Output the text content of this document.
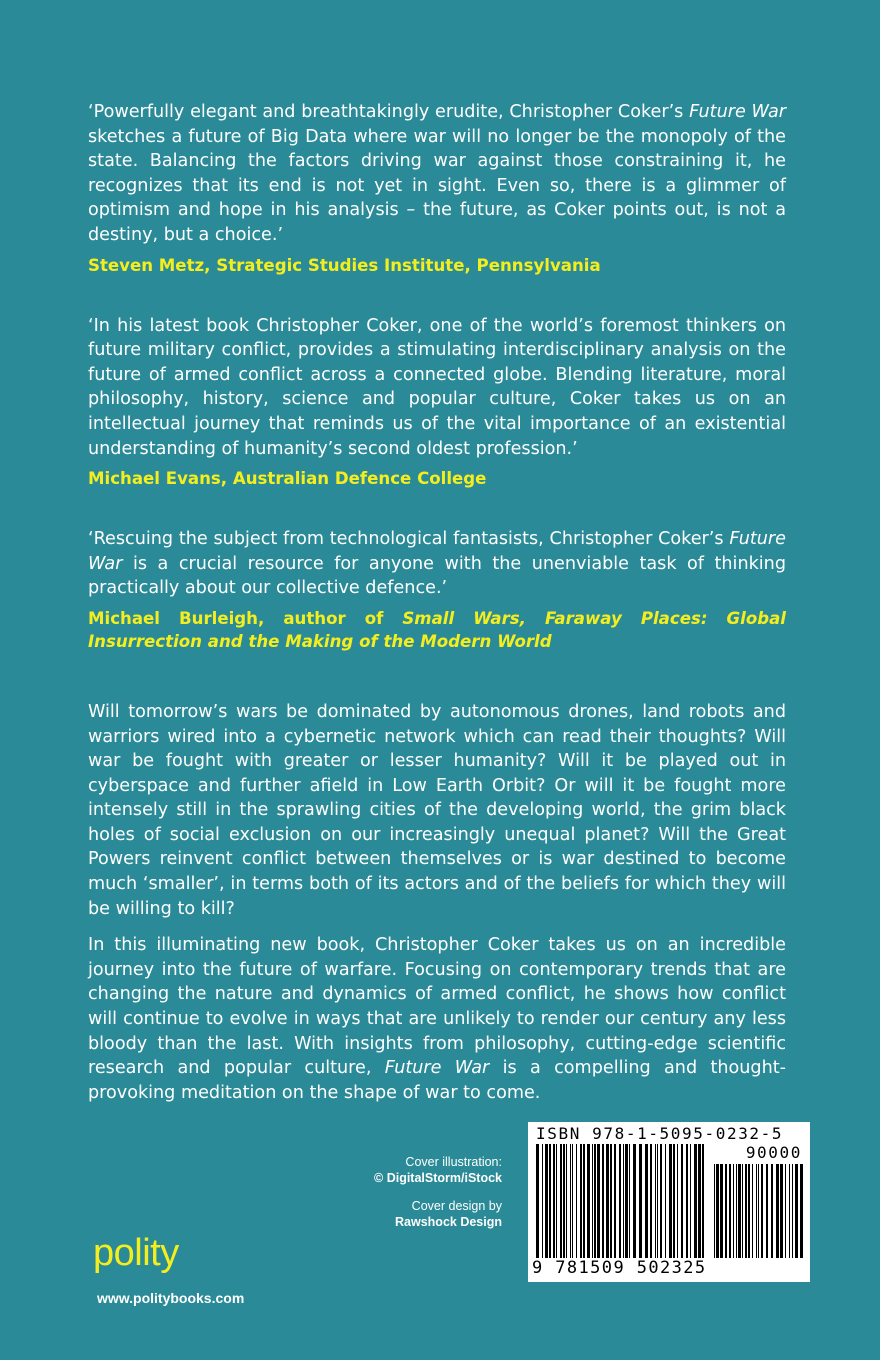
‘Powerfully elegant and breathtakingly erudite, Christopher Coker’s Future War sketches a future of Big Data where war will no longer be the monopoly of the state. Balancing the factors driving war against those constraining it, he recognizes that its end is not yet in sight. Even so, there is a glimmer of optimism and hope in his analysis – the future, as Coker points out, is not a destiny, but a choice.’

Steven Metz, Strategic Studies Institute, Pennsylvania

‘In his latest book Christopher Coker, one of the world’s foremost thinkers on future military conflict, provides a stimulating interdisciplinary analysis on the future of armed conflict across a connected globe. Blending literature, moral philosophy, history, science and popular culture, Coker takes us on an intellectual journey that reminds us of the vital importance of an existential understanding of humanity’s second oldest profession.’

Michael Evans, Australian Defence College

‘Rescuing the subject from technological fantasists, Christopher Coker’s Future War is a crucial resource for anyone with the unenviable task of thinking practically about our collective defence.’

Michael Burleigh, author of Small Wars, Faraway Places: Global Insurrection and the Making of the Modern World

Will tomorrow’s wars be dominated by autonomous drones, land robots and warriors wired into a cybernetic network which can read their thoughts? Will war be fought with greater or lesser humanity? Will it be played out in cyberspace and further afield in Low Earth Orbit? Or will it be fought more intensely still in the sprawling cities of the developing world, the grim black holes of social exclusion on our increasingly unequal planet? Will the Great Powers reinvent conflict between themselves or is war destined to become much ‘smaller’, in terms both of its actors and of the beliefs for which they will be willing to kill?

In this illuminating new book, Christopher Coker takes us on an incredible journey into the future of warfare. Focusing on contemporary trends that are changing the nature and dynamics of armed conflict, he shows how conflict will continue to evolve in ways that are unlikely to render our century any less bloody than the last. With insights from philosophy, cutting-edge scientific research and popular culture, Future War is a compelling and thought-provoking meditation on the shape of war to come.

Cover illustration:
© DigitalStorm/iStock
Cover design by
Rawshock Design
polity
www.politybooks.com
ISBN 978-1-5095-0232-5
90000
9 781509 502325
